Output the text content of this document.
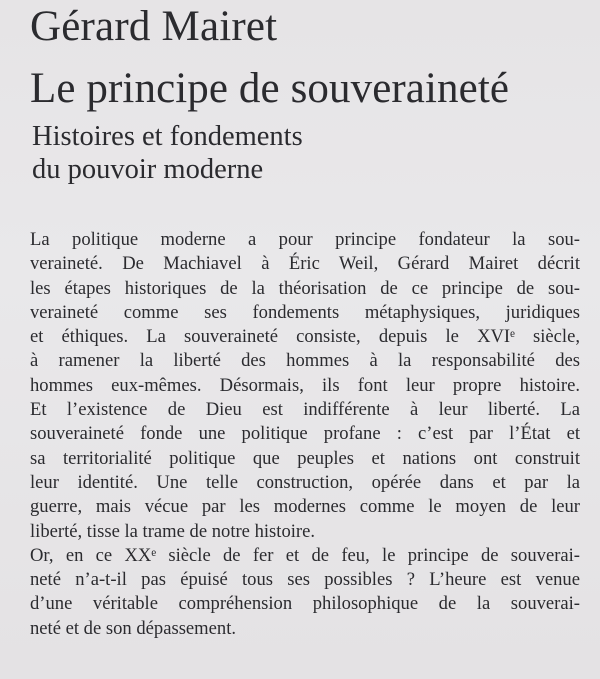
Gérard Mairet
Le principe de souveraineté
Histoires et fondements
du pouvoir moderne
La politique moderne a pour principe fondateur la sou-
veraineté. De Machiavel à Éric Weil, Gérard Mairet décrit
les étapes historiques de la théorisation de ce principe de sou-
veraineté comme ses fondements métaphysiques, juridiques
et éthiques. La souveraineté consiste, depuis le XVIᵉ siècle,
à ramener la liberté des hommes à la responsabilité des
hommes eux-mêmes. Désormais, ils font leur propre histoire.
Et l’existence de Dieu est indifférente à leur liberté. La
souveraineté fonde une politique profane : c’est par l’État et
sa territorialité politique que peuples et nations ont construit
leur identité. Une telle construction, opérée dans et par la
guerre, mais vécue par les modernes comme le moyen de leur
liberté, tisse la trame de notre histoire.
Or, en ce XXᵉ siècle de fer et de feu, le principe de souverai-
neté n’a-t-il pas épuisé tous ses possibles ? L’heure est venue
d’une véritable compréhension philosophique de la souverai-
neté et de son dépassement.
